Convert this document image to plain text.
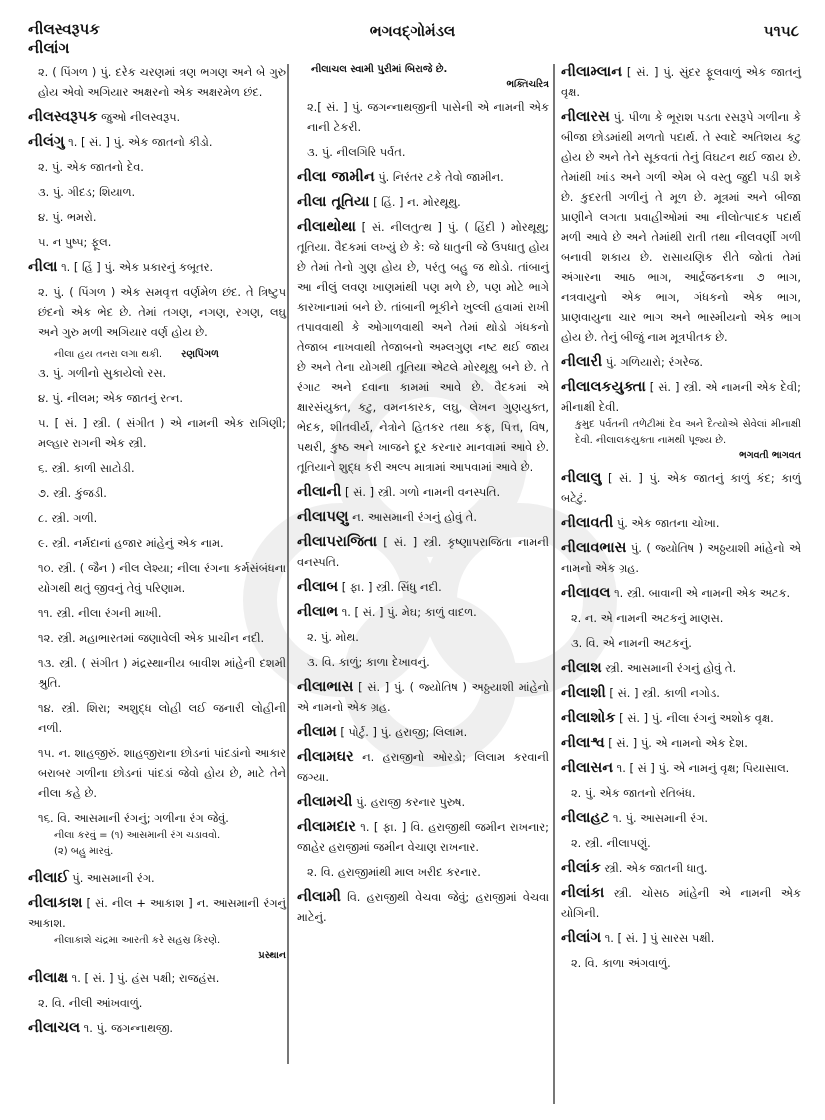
નીલસ્વરૂપક
નીલાંગ
ભગવદ્ગોમંડલ	૫૧૫૮

૨. ( પિંગળ ) પું. દરેક ચરણમાં ત્રણ ભગણ અને બે ગુરુ હોય એવો અગિયાર અક્ષરનો એક અક્ષરમેળ છંદ.

નીલસ્વરૂપક જુઓ નીલસ્વરૂપ.

નીલંગુ ૧. [ સં. ] પું. એક જાતનો કીડો.

૨. પું. એક જાતનો દેવ.

૩. પું. ગીદડ; શિયાળ.

૪. પું. ભમરો.

૫. ન પુષ્પ; ફૂલ.

નીલા ૧. [ હિં ] પું. એક પ્રકારનું કબૂતર.

૨. પું. ( પિંગળ ) એક સમવૃત્ત વર્ણમેળ છંદ. તે ત્રિષ્ટુપ છંદનો એક ભેદ છે. તેમાં તગણ, નગણ, રગણ, લઘુ અને ગુરુ મળી અગિયાર વર્ણ હોય છે.

નીલા હય તનરા લગા થકી. રણપિંગળ

૩. પું. ગળીનો સુકાયેલો રસ.

૪. પું. નીલમ; એક જાતનું રત્ન.

૫. [ સં. ] સ્ત્રી. ( સંગીત ) એ નામની એક રાગિણી; મલ્હાર રાગની એક સ્ત્રી.

૬. સ્ત્રી. કાળી સાટોડી.

૭. સ્ત્રી. કુંજડી.

૮. સ્ત્રી. ગળી.

૯. સ્ત્રી. નર્મદાનાં હજાર માંહેનું એક નામ.

૧૦. સ્ત્રી. ( જૈન ) નીલ લેશ્યા; નીલા રંગના કર્મસંબંધના યોગથી થતું જીવનું તેવું પરિણામ.

૧૧. સ્ત્રી. નીલા રંગની માખી.

૧૨. સ્ત્રી. મહાભારતમાં જણાવેલી એક પ્રાચીન નદી.

૧૩. સ્ત્રી. ( સંગીત ) મંદ્રસ્થાનીય બાવીશ માંહેની દશમી શ્રુતિ.

૧૪. સ્ત્રી. શિરા; અશુદ્ધ લોહી લઈ જનારી લોહીની નળી.

૧૫. ન. શાહજીરું. શાહજીરાના છોડનાં પાંદડાંનો આકાર બરાબર ગળીના છોડનાં પાંદડાં જેવો હોય છે, માટે તેને નીલા કહે છે.

૧૬. વિ. આસમાની રંગનું; ગળીના રંગ જેવું.

નીલા કરવું = (૧) આસમાની રંગ ચડાવવો.

(૨) બહુ મારવું.

નીલાઈ પું. આસમાની રંગ.

નીલાકાશ [ સં. નીલ + આકાશ ] ન. આસમાની રંગનું આકાશ.

નીલાકાશે ચંદ્રમા આરતી કરે સહસ્ર કિરણે.

પ્રસ્થાન

નીલાક્ષ ૧. [ સં. ] પું. હંસ પક્ષી; રાજહંસ.

૨. વિ. નીલી આંખવાળું.

નીલાચલ ૧. પું. જગન્નાથજી.

નીલાચલ સ્વામી પુરીમાં બિરાજે છે.

ભક્તિચરિત્ર

૨.[ સં. ] પું. જગન્નાથજીની પાસેની એ નામની એક નાની ટેકરી.

૩. પું. નીલગિરિ પર્વત.

નીલા જામીન પું. નિરંતર ટકે તેવો જામીન.

નીલા તૂતિયા [ હિં. ] ન. મોરથૂથુ.

નીલાથોથા [ સં. નીલતુત્થ ] પું. ( હિંદી ) મોરથૂથુ; તૂતિયા. વૈદકમાં લખ્યું છે કે: જે ધાતુની જે ઉપધાતુ હોય છે તેમાં તેનો ગુણ હોય છે, પરંતુ બહુ જ થોડો. તાંબાનું આ નીલું લવણ ખાણમાંથી પણ મળે છે, પણ મોટે ભાગે કારખાનામાં બને છે. તાંબાની ભૂકીને ખુલ્લી હવામાં રાખી તપાવવાથી કે ઓગાળવાથી અને તેમાં થોડો ગંધકનો તેજાબ નાખવાથી તેજાબનો અમ્લગુણ નષ્ટ થઈ જાય છે અને તેના યોગથી તૂતિયા એટલે મોરથૂથુ બને છે. તે રંગાટ અને દવાના કામમાં આવે છે. વૈદકમાં એ ક્ષારસંયુક્ત, કટુ, વમનકારક, લઘુ, લેખન ગુણયુક્ત, ભેદક, શીતવીર્ય, નેત્રોને હિતકર તથા કફ, પિત્ત, વિષ, પથરી, કુષ્ઠ અને ખાજને દૂર કરનાર માનવામાં આવે છે. તૂતિયાને શુદ્ધ કરી અલ્પ માત્રામાં આપવામાં આવે છે.

નીલાની [ સં. ] સ્ત્રી. ગળો નામની વનસ્પતિ.

નીલાપણુ ન. આસમાની રંગનું હોવું તે.

નીલાપરાજિતા [ સં. ] સ્ત્રી. કૃષ્ણાપરાજિતા નામની વનસ્પતિ.

નીલાબ [ ફા. ] સ્ત્રી. સિંધુ નદી.

નીલાભ ૧. [ સં. ] પું. મેઘ; કાળું વાદળ.

૨. પું. મોથ.

૩. વિ. કાળું; કાળા દેખાવનું.

નીલાભાસ [ સં. ] પું. ( જ્યોતિષ ) અઠ્ઠયાશી માંહેનો એ નામનો એક ગ્રહ.

નીલામ [ પોર્ટુ. ] પું. હરાજી; લિલામ.

નીલામઘર ન. હરાજીનો ઓરડો; લિલામ કરવાની જગ્યા.

નીલામચી પું. હરાજી કરનાર પુરુષ.

નીલામદાર ૧. [ ફા. ] વિ. હરાજીથી જમીન રાખનાર; જાહેર હરાજીમાં જમીન વેચાણ રાખનાર.

૨. વિ. હરાજીમાંથી માલ ખરીદ કરનાર.

નીલામી વિ. હરાજીથી વેચવા જેવું; હરાજીમાં વેચવા માટેનું.

નીલામ્લાન [ સં. ] પું. સુંદર ફૂલવાળું એક જાતનું વૃક્ષ.

નીલારસ પું. પીળા કે ભૂરાશ પડતા રસરૂપે ગળીના કે બીજા છોડમાંથી મળતો પદાર્થ. તે સ્વાદે અતિશય કટુ હોય છે અને તેને સૂકવતાં તેનું વિઘટન થઈ જાય છે. તેમાંથી ખાંડ અને ગળી એમ બે વસ્તુ જુદી પડી શકે છે. કુદરતી ગળીનું તે મૂળ છે. મૂત્રમાં અને બીજા પ્રાણીને લગતા પ્રવાહીઓમાં આ નીલોત્પાદક પદાર્થ મળી આવે છે અને તેમાંથી રાતી તથા નીલવર્ણી ગળી બનાવી શકાય છે. રાસાયણિક રીતે જોતાં તેમાં અંગારના આઠ ભાગ, આર્દ્રજનકના ૭ ભાગ, નત્રવાયુનો એક ભાગ, ગંધકનો એક ભાગ, પ્રાણવાયુના ચાર ભાગ અને ભાસ્મીયનો એક ભાગ હોય છે. તેનું બીજું નામ મૂત્રપીતક છે.

નીલારી પું. ગળિયારો; રંગરેજ.

નીલાલકયુક્તા [ સં. ] સ્ત્રી. એ નામની એક દેવી; મીનાક્ષી દેવી.

કુમુદ પર્વતની તળેટીમાં દેવ અને દૈત્યોએ સેવેલાં મીનાક્ષી દેવી. નીલાલકયુક્તા નામથી પૂજ્ય છે.

ભગવતી ભાગવત

નીલાલુ [ સં. ] પું. એક જાતનું કાળું કંદ; કાળું બટેટું.

નીલાવતી પું. એક જાતના ચોખા.

નીલાવભાસ પું. ( જ્યોતિષ ) અઠ્ઠયાશી માંહેનો એ નામનો એક ગ્રહ.

નીલાવલ ૧. સ્ત્રી. બાવાની એ નામની એક અટક.

૨. ન. એ નામની અટકનું માણસ.

૩. વિ. એ નામની અટકનું.

નીલાશ સ્ત્રી. આસમાની રંગનું હોવું તે.

નીલાશી [ સં. ] સ્ત્રી. કાળી નગોડ.

નીલાશોક [ સં. ] પું. નીલા રંગનું અશોક વૃક્ષ.

નીલાશ્વ [ સં. ] પું. એ નામનો એક દેશ.

નીલાસન ૧. [ સં ] પું. એ નામનું વૃક્ષ; પિયાસાલ.

૨. પું. એક જાતનો રતિબંધ.

નીલાહટ ૧. પું. આસમાની રંગ.

૨. સ્ત્રી. નીલાપણું.

નીલાંક સ્ત્રી. એક જાતની ધાતુ.

નીલાંકા સ્ત્રી. ચોસઠ માંહેની એ નામની એક યોગિની.

નીલાંગ ૧. [ સં. ] પું સારસ પક્ષી.

૨. વિ. કાળા અંગવાળું.
